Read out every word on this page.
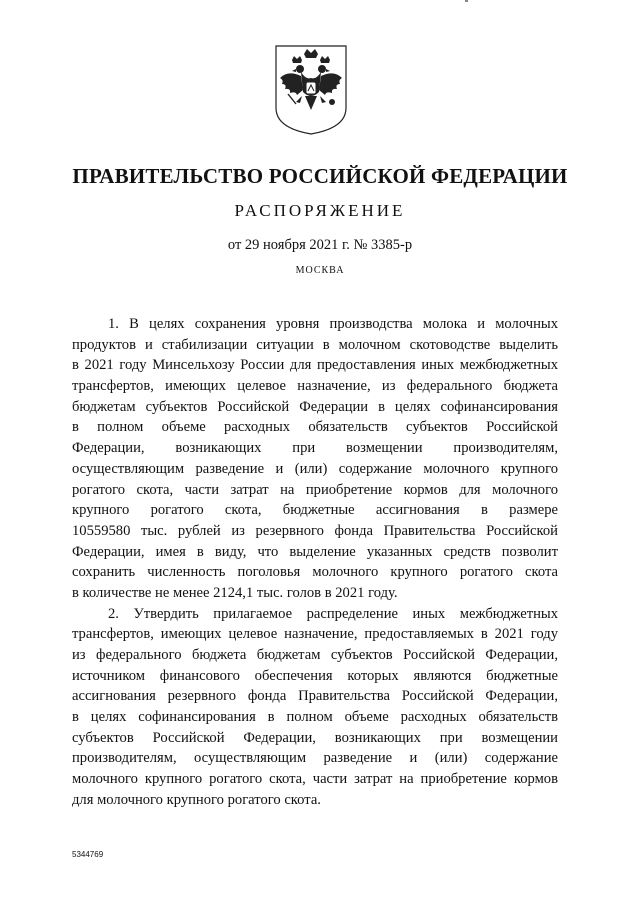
ПРАВИТЕЛЬСТВО РОССИЙСКОЙ ФЕДЕРАЦИИ
РАСПОРЯЖЕНИЕ
от 29 ноября 2021 г. № 3385-р
МОСКВА
1. В целях сохранения уровня производства молока и молочных
продуктов и стабилизации ситуации в молочном скотоводстве выделить
в 2021 году Минсельхозу России для предоставления иных межбюджетных
трансфертов, имеющих целевое назначение, из федерального бюджета
бюджетам субъектов Российской Федерации в целях софинансирования
в полном объеме расходных обязательств субъектов Российской
Федерации, возникающих при возмещении производителям,
осуществляющим разведение и (или) содержание молочного крупного
рогатого скота, части затрат на приобретение кормов для молочного
крупного рогатого скота, бюджетные ассигнования в размере
10559580 тыс. рублей из резервного фонда Правительства Российской
Федерации, имея в виду, что выделение указанных средств позволит
сохранить численность поголовья молочного крупного рогатого скота
в количестве не менее 2124,1 тыс. голов в 2021 году.
2. Утвердить прилагаемое распределение иных межбюджетных
трансфертов, имеющих целевое назначение, предоставляемых в 2021 году
из федерального бюджета бюджетам субъектов Российской Федерации,
источником финансового обеспечения которых являются бюджетные
ассигнования резервного фонда Правительства Российской Федерации,
в целях софинансирования в полном объеме расходных обязательств
субъектов Российской Федерации, возникающих при возмещении
производителям, осуществляющим разведение и (или) содержание
молочного крупного рогатого скота, части затрат на приобретение кормов
для молочного крупного рогатого скота.
5344769
